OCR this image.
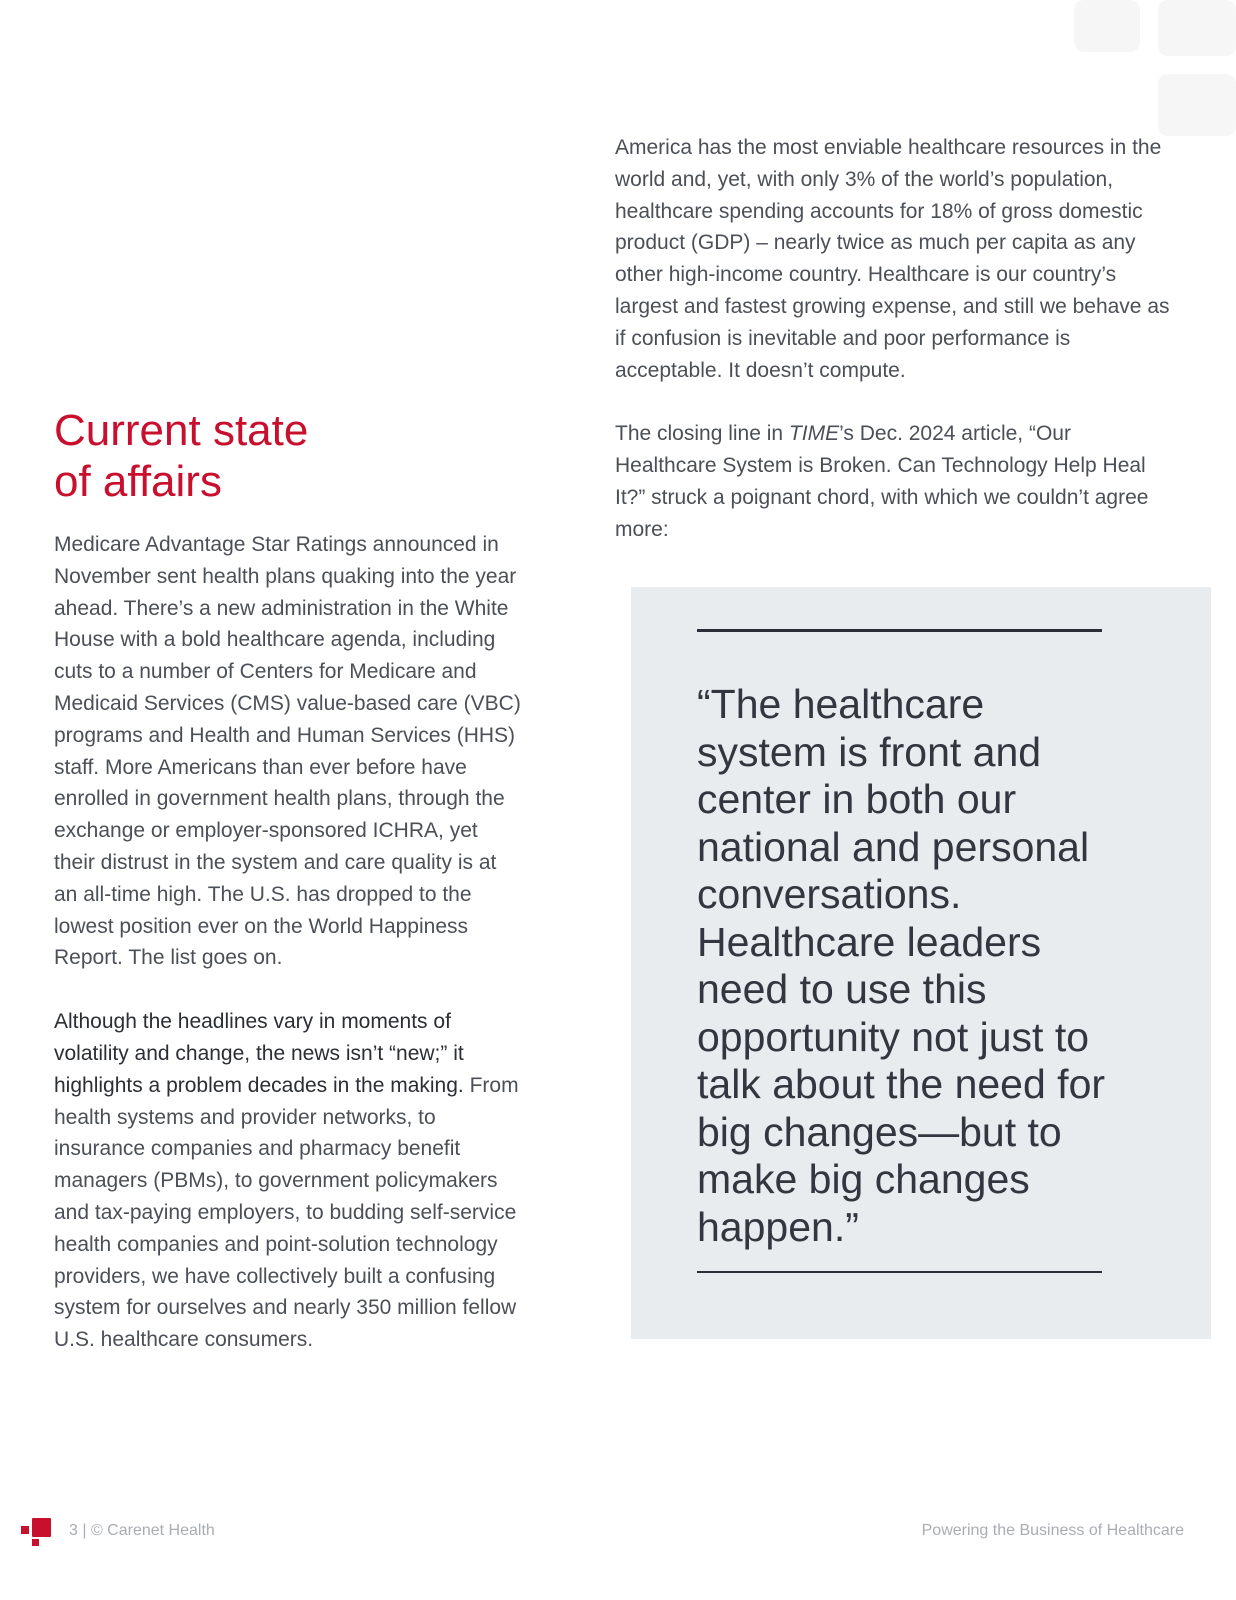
America has the most enviable healthcare resources in the world and, yet, with only 3% of the world’s population, healthcare spending accounts for 18% of gross domestic product (GDP) – nearly twice as much per capita as any other high-income country. Healthcare is our country’s largest and fastest growing expense, and still we behave as if confusion is inevitable and poor performance is acceptable. It doesn’t compute.

The closing line in TIME’s Dec. 2024 article, “Our Healthcare System is Broken. Can Technology Help Heal It?” struck a poignant chord, with which we couldn’t agree more:

Current state
of affairs

Medicare Advantage Star Ratings announced in November sent health plans quaking into the year ahead. There’s a new administration in the White House with a bold healthcare agenda, including cuts to a number of Centers for Medicare and Medicaid Services (CMS) value-based care (VBC) programs and Health and Human Services (HHS) staff. More Americans than ever before have enrolled in government health plans, through the exchange or employer-sponsored ICHRA, yet their distrust in the system and care quality is at an all-time high. The U.S. has dropped to the lowest position ever on the World Happiness Report. The list goes on.

Although the headlines vary in moments of volatility and change, the news isn’t “new;” it highlights a problem decades in the making. From health systems and provider networks, to insurance companies and pharmacy benefit managers (PBMs), to government policymakers and tax-paying employers, to budding self-service health companies and point-solution technology providers, we have collectively built a confusing system for ourselves and nearly 350 million fellow U.S. healthcare consumers.

“The healthcare system is front and center in both our national and personal conversations. Healthcare leaders need to use this opportunity not just to talk about the need for big changes—but to make big changes happen.”
3 | © Carenet Health	Powering the Business of Healthcare
